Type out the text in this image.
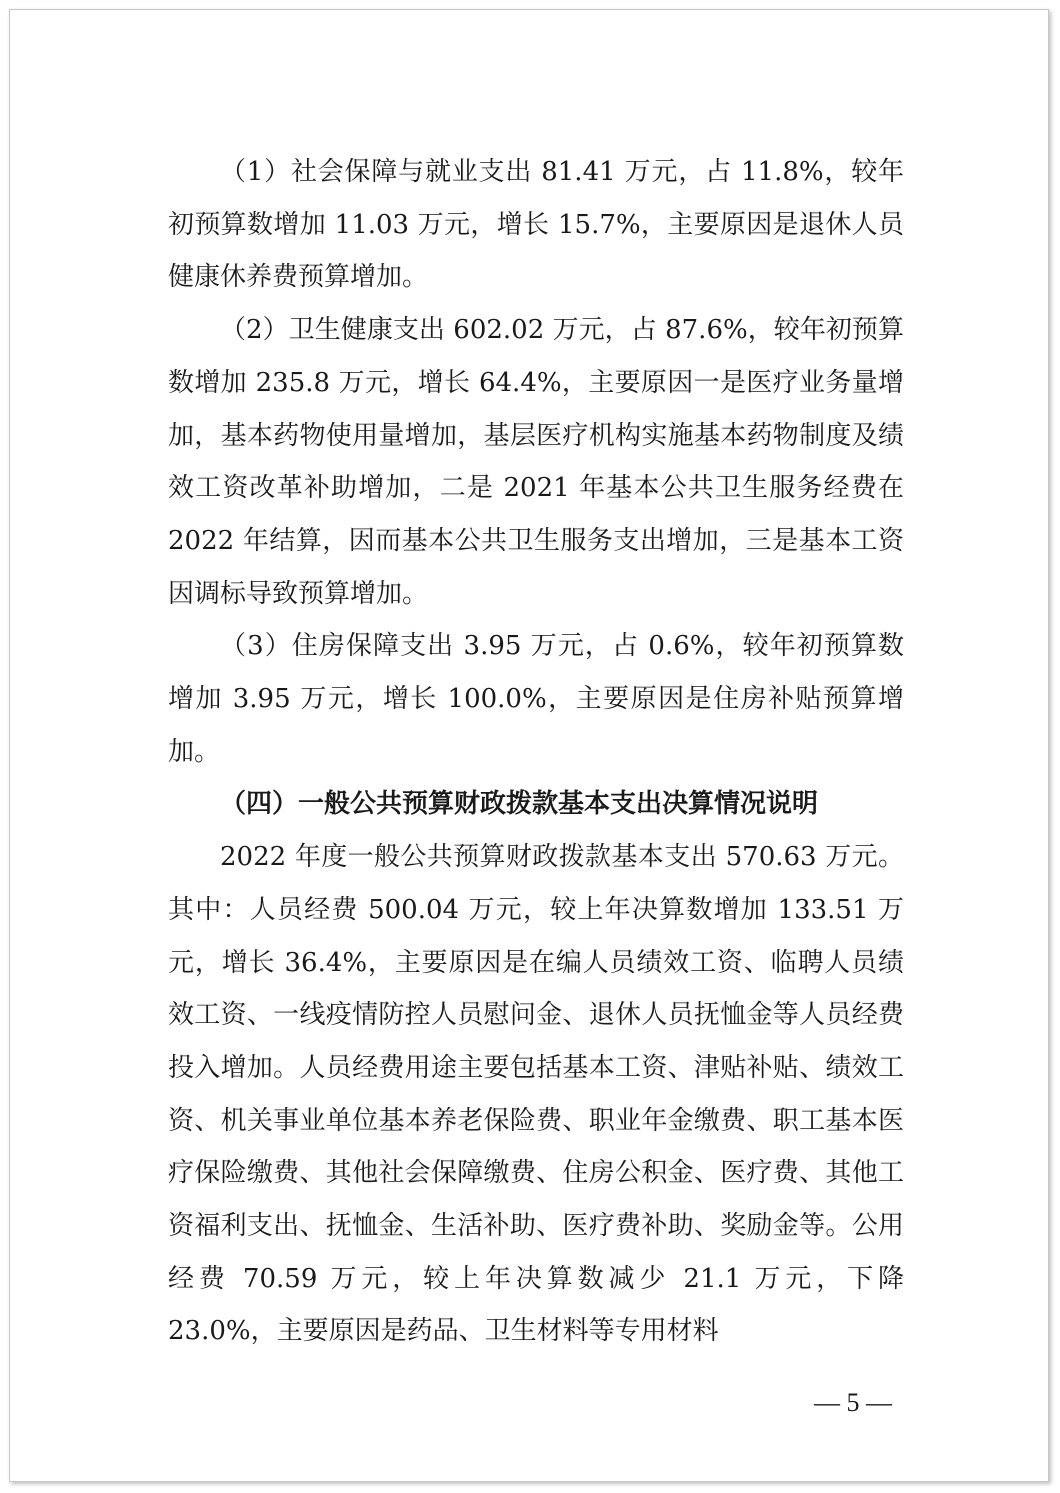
（1）社会保障与就业支出 81.41 万元，占 11.8%，较年初预算数增加 11.03 万元，增长 15.7%，主要原因是退休人员健康休养费预算增加。

（2）卫生健康支出 602.02 万元，占 87.6%，较年初预算数增加 235.8 万元，增长 64.4%，主要原因一是医疗业务量增加，基本药物使用量增加，基层医疗机构实施基本药物制度及绩效工资改革补助增加，二是 2021 年基本公共卫生服务经费在 2022 年结算，因而基本公共卫生服务支出增加，三是基本工资因调标导致预算增加。

（3）住房保障支出 3.95 万元，占 0.6%，较年初预算数增加 3.95 万元，增长 100.0%，主要原因是住房补贴预算增加。

（四）一般公共预算财政拨款基本支出决算情况说明

2022 年度一般公共预算财政拨款基本支出 570.63 万元。其中：人员经费 500.04 万元，较上年决算数增加 133.51 万元，增长 36.4%，主要原因是在编人员绩效工资、临聘人员绩效工资、一线疫情防控人员慰问金、退休人员抚恤金等人员经费投入增加。人员经费用途主要包括基本工资、津贴补贴、绩效工资、机关事业单位基本养老保险费、职业年金缴费、职工基本医疗保险缴费、其他社会保障缴费、住房公积金、医疗费、其他工资福利支出、抚恤金、生活补助、医疗费补助、奖励金等。公用经费 70.59 万元，较上年决算数减少 21.1 万元，下降 23.0%，主要原因是药品、卫生材料等专用材料

— 5 —
